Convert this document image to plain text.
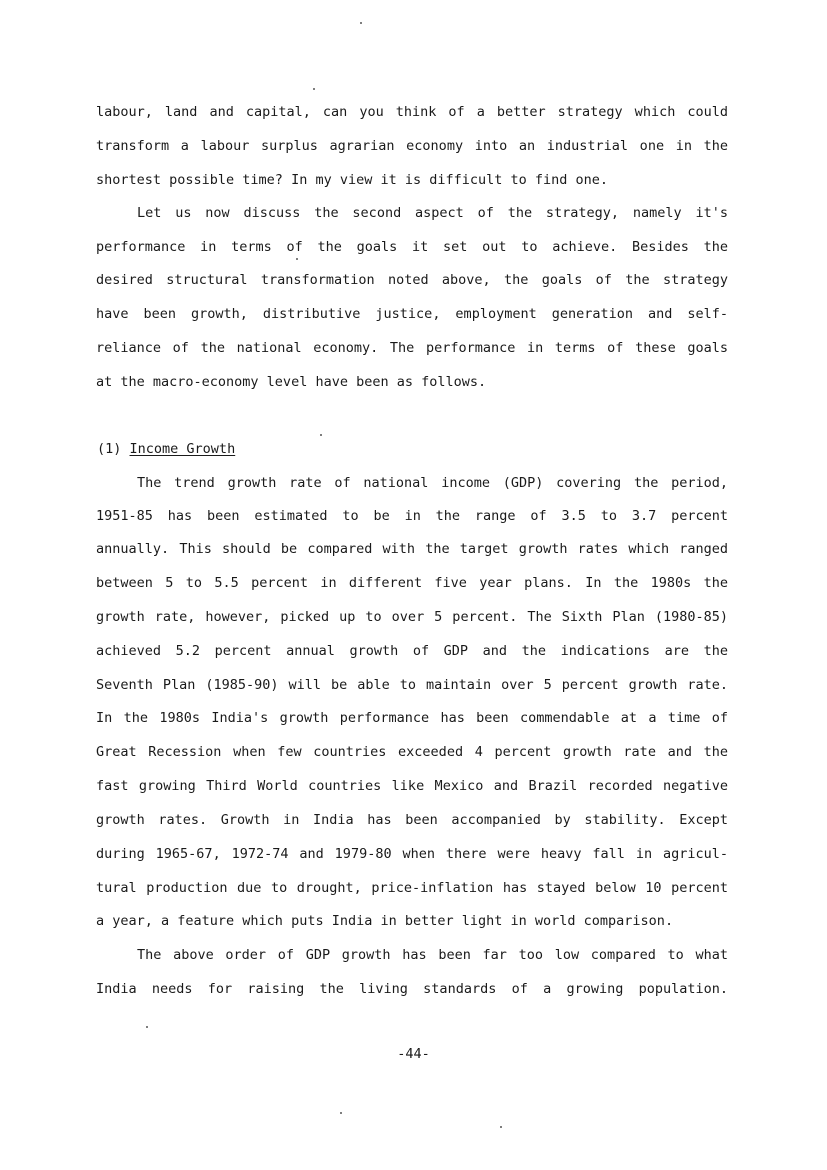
labour, land and capital, can you think of a better strategy which could
transform a labour surplus agrarian economy into an industrial one in the
shortest possible time? In my view it is difficult to find one.
Let us now discuss the second aspect of the strategy, namely it's
performance in terms of the goals it set out to achieve. Besides the
desired structural transformation noted above, the goals of the strategy
have been growth, distributive justice, employment generation and self-
reliance of the national economy. The performance in terms of these goals
at the macro-economy level have been as follows.
(1) Income Growth
The trend growth rate of national income (GDP) covering the period,
1951-85 has been estimated to be in the range of 3.5 to 3.7 percent
annually. This should be compared with the target growth rates which ranged
between 5 to 5.5 percent in different five year plans. In the 1980s the
growth rate, however, picked up to over 5 percent. The Sixth Plan (1980-85)
achieved 5.2 percent annual growth of GDP and the indications are the
Seventh Plan (1985-90) will be able to maintain over 5 percent growth rate.
In the 1980s India's growth performance has been commendable at a time of
Great Recession when few countries exceeded 4 percent growth rate and the
fast growing Third World countries like Mexico and Brazil recorded negative
growth rates. Growth in India has been accompanied by stability. Except
during 1965-67, 1972-74 and 1979-80 when there were heavy fall in agricul-
tural production due to drought, price-inflation has stayed below 10 percent
a year, a feature which puts India in better light in world comparison.
The above order of GDP growth has been far too low compared to what
India needs for raising the living standards of a growing population.
-44-
